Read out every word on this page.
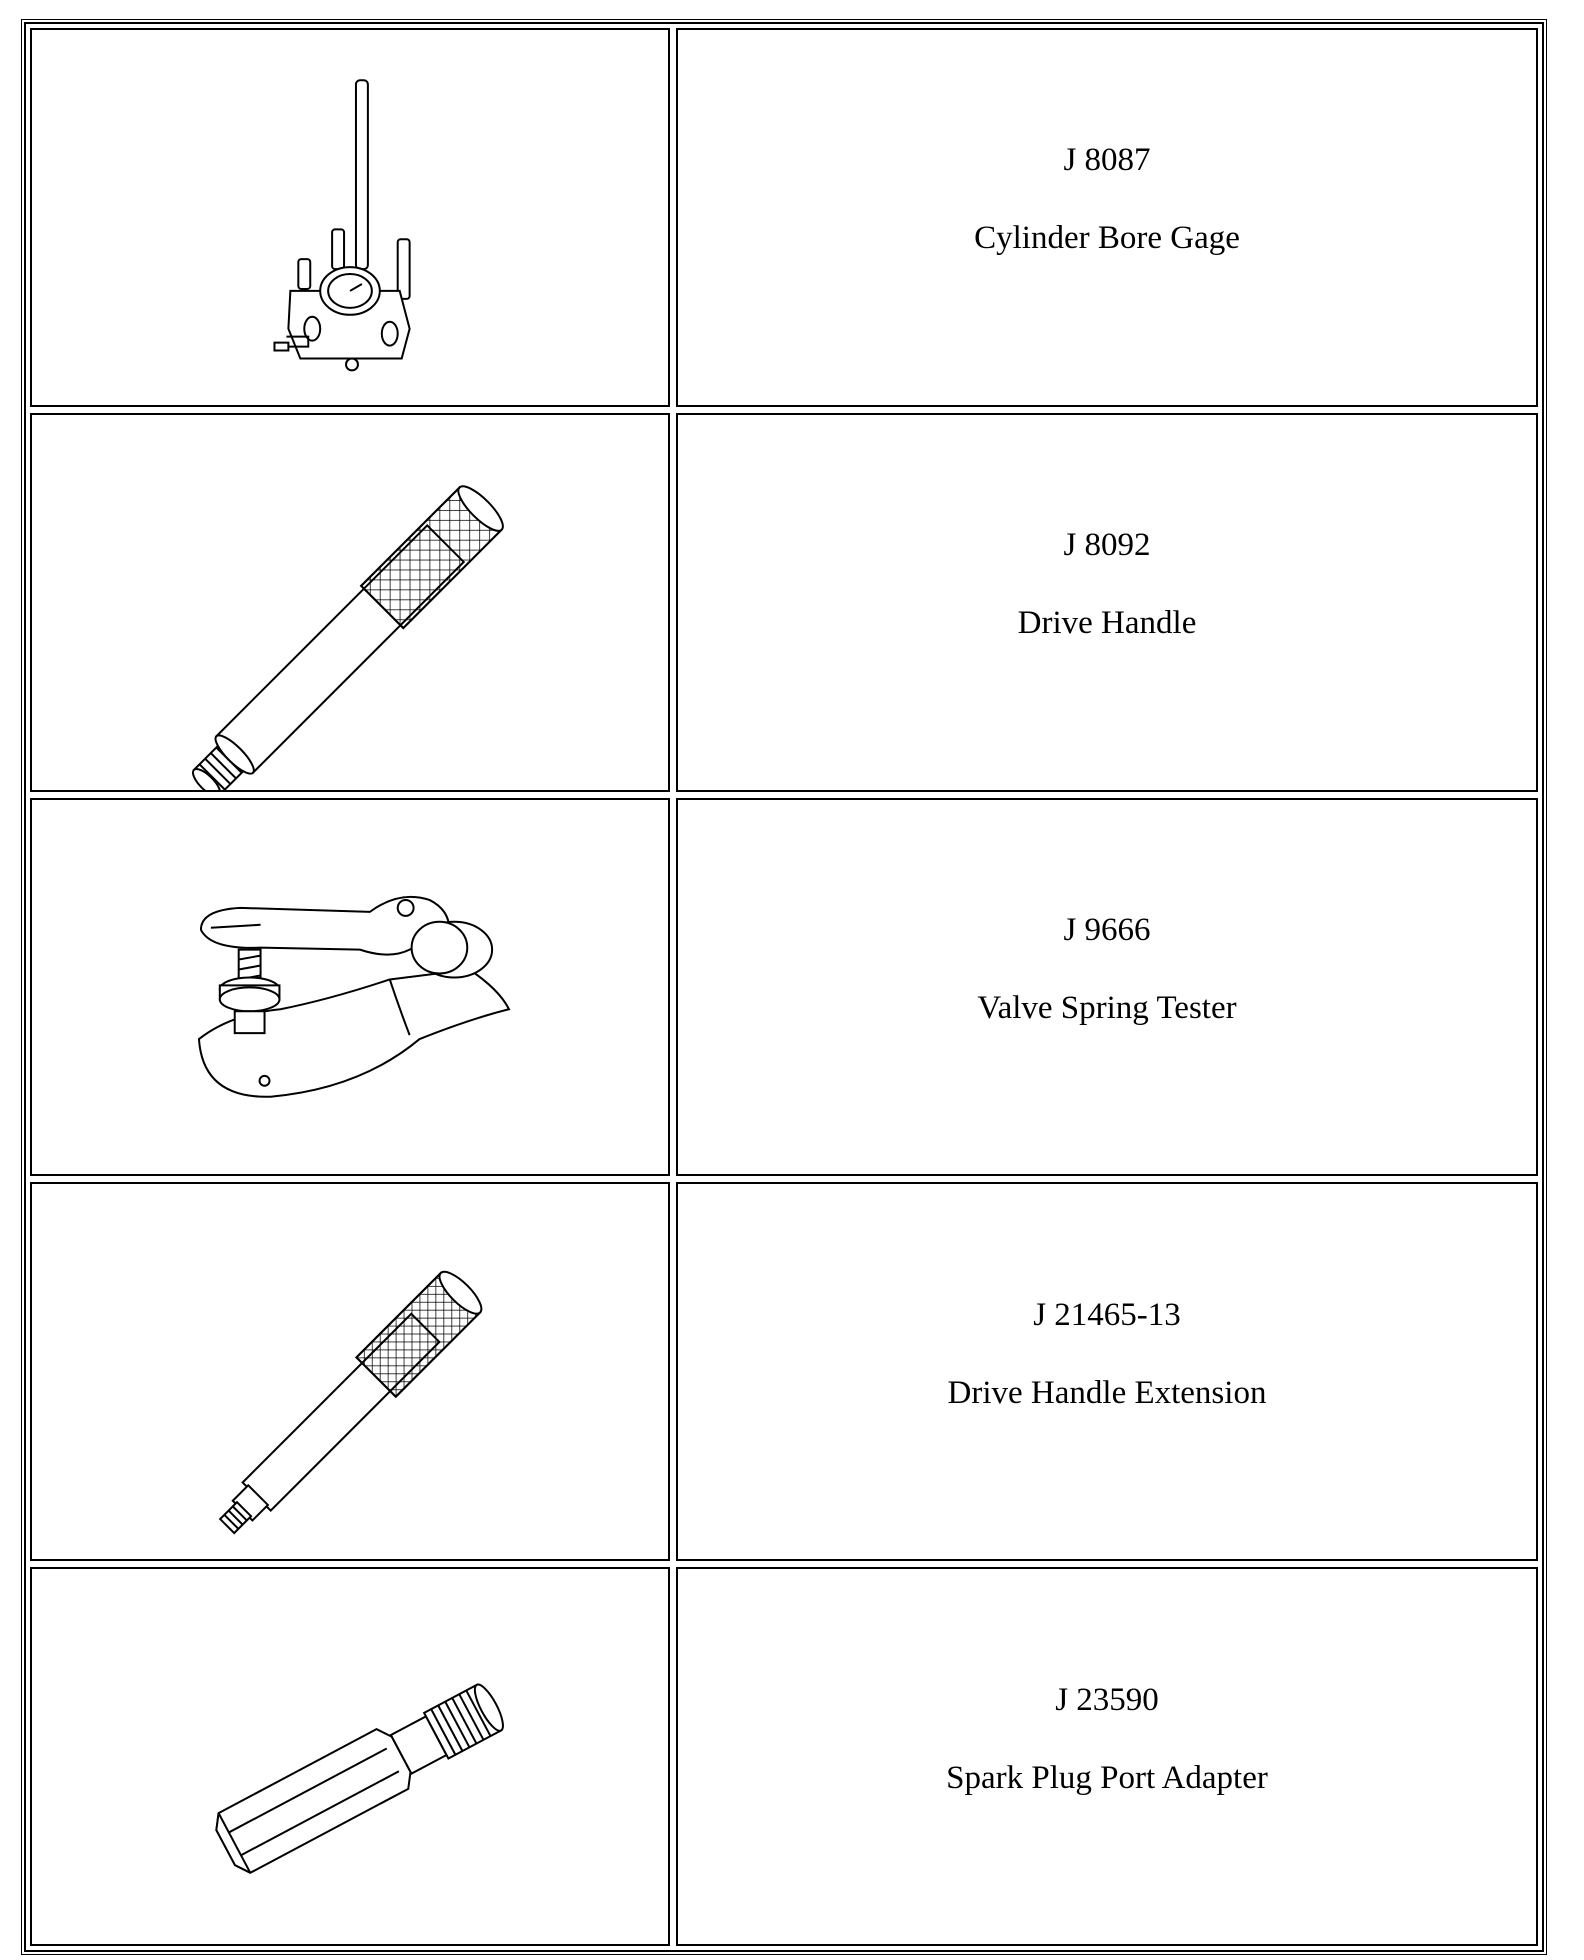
J 8087
Cylinder Bore Gage
J 8092
Drive Handle
J 9666
Valve Spring Tester
J 21465-13
Drive Handle Extension
J 23590
Spark Plug Port Adapter
